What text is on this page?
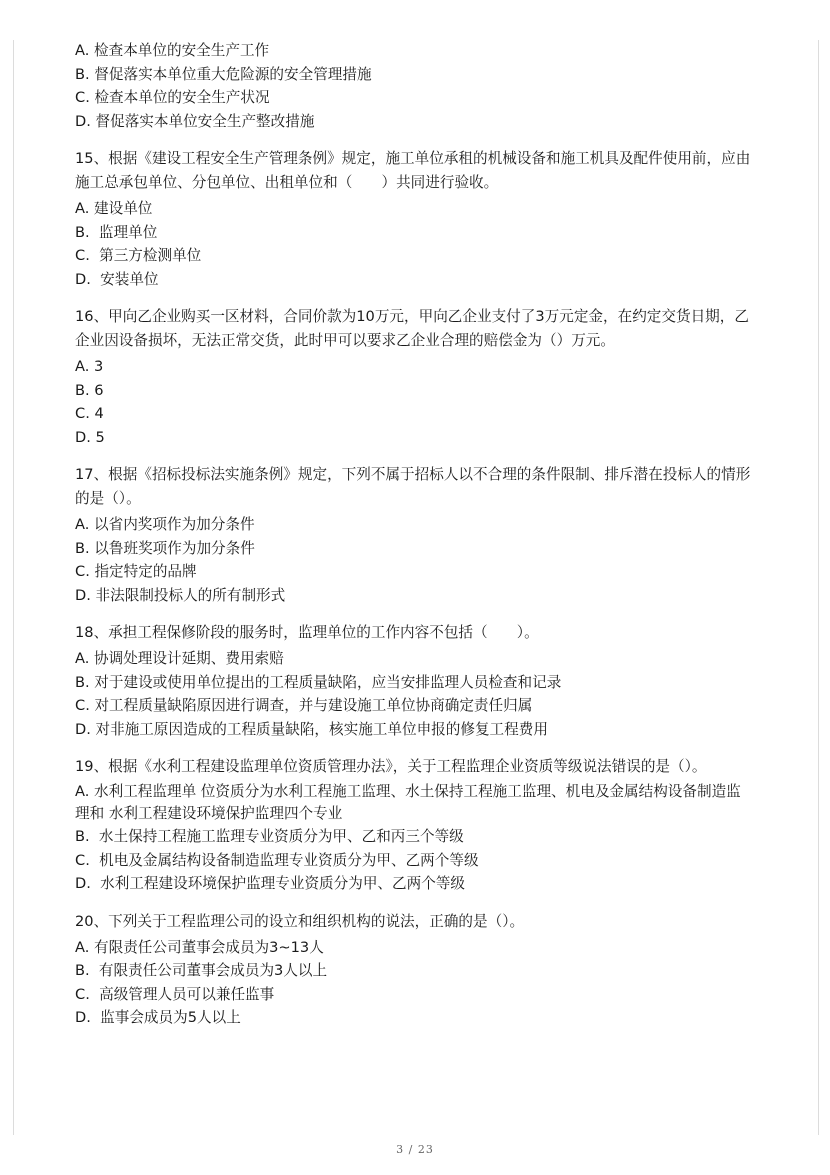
A. 检查本单位的安全生产工作

B. 督促落实本单位重大危险源的安全管理措施

C. 检查本单位的安全生产状况

D. 督促落实本单位安全生产整改措施

15、根据《建设工程安全生产管理条例》规定，施工单位承租的机械设备和施工机具及配件使用前，应由施工总承包单位、分包单位、出租单位和（　　）共同进行验收。

A. 建设单位

B.  监理单位

C.  第三方检测单位

D.  安装单位

16、甲向乙企业购买一区材料，合同价款为10万元，甲向乙企业支付了3万元定金，在约定交货日期，乙企业因设备损坏，无法正常交货，此时甲可以要求乙企业合理的赔偿金为（）万元。

A. 3

B. 6

C. 4

D. 5

17、根据《招标投标法实施条例》规定，下列不属于招标人以不合理的条件限制、排斥潜在投标人的情形的是（）。

A. 以省内奖项作为加分条件

B. 以鲁班奖项作为加分条件

C. 指定特定的品牌

D. 非法限制投标人的所有制形式

18、承担工程保修阶段的服务时，监理单位的工作内容不包括（　　）。

A. 协调处理设计延期、费用索赔

B. 对于建设或使用单位提出的工程质量缺陷，应当安排监理人员检查和记录

C. 对工程质量缺陷原因进行调查，并与建设施工单位协商确定责任归属

D. 对非施工原因造成的工程质量缺陷，核实施工单位申报的修复工程费用

19、根据《水利工程建设监理单位资质管理办法》，关于工程监理企业资质等级说法错误的是（）。

A. 水利工程监理单 位资质分为水利工程施工监理、水土保持工程施工监理、机电及金属结构设备制造监理和 水利工程建设环境保护监理四个专业

B.  水土保持工程施工监理专业资质分为甲、乙和丙三个等级

C.  机电及金属结构设备制造监理专业资质分为甲、乙两个等级

D.  水利工程建设环境保护监理专业资质分为甲、乙两个等级

20、下列关于工程监理公司的设立和组织机构的说法，正确的是（）。

A. 有限责任公司董事会成员为3~13人

B.  有限责任公司董事会成员为3人以上

C.  高级管理人员可以兼任监事

D.  监事会成员为5人以上

3 / 23
